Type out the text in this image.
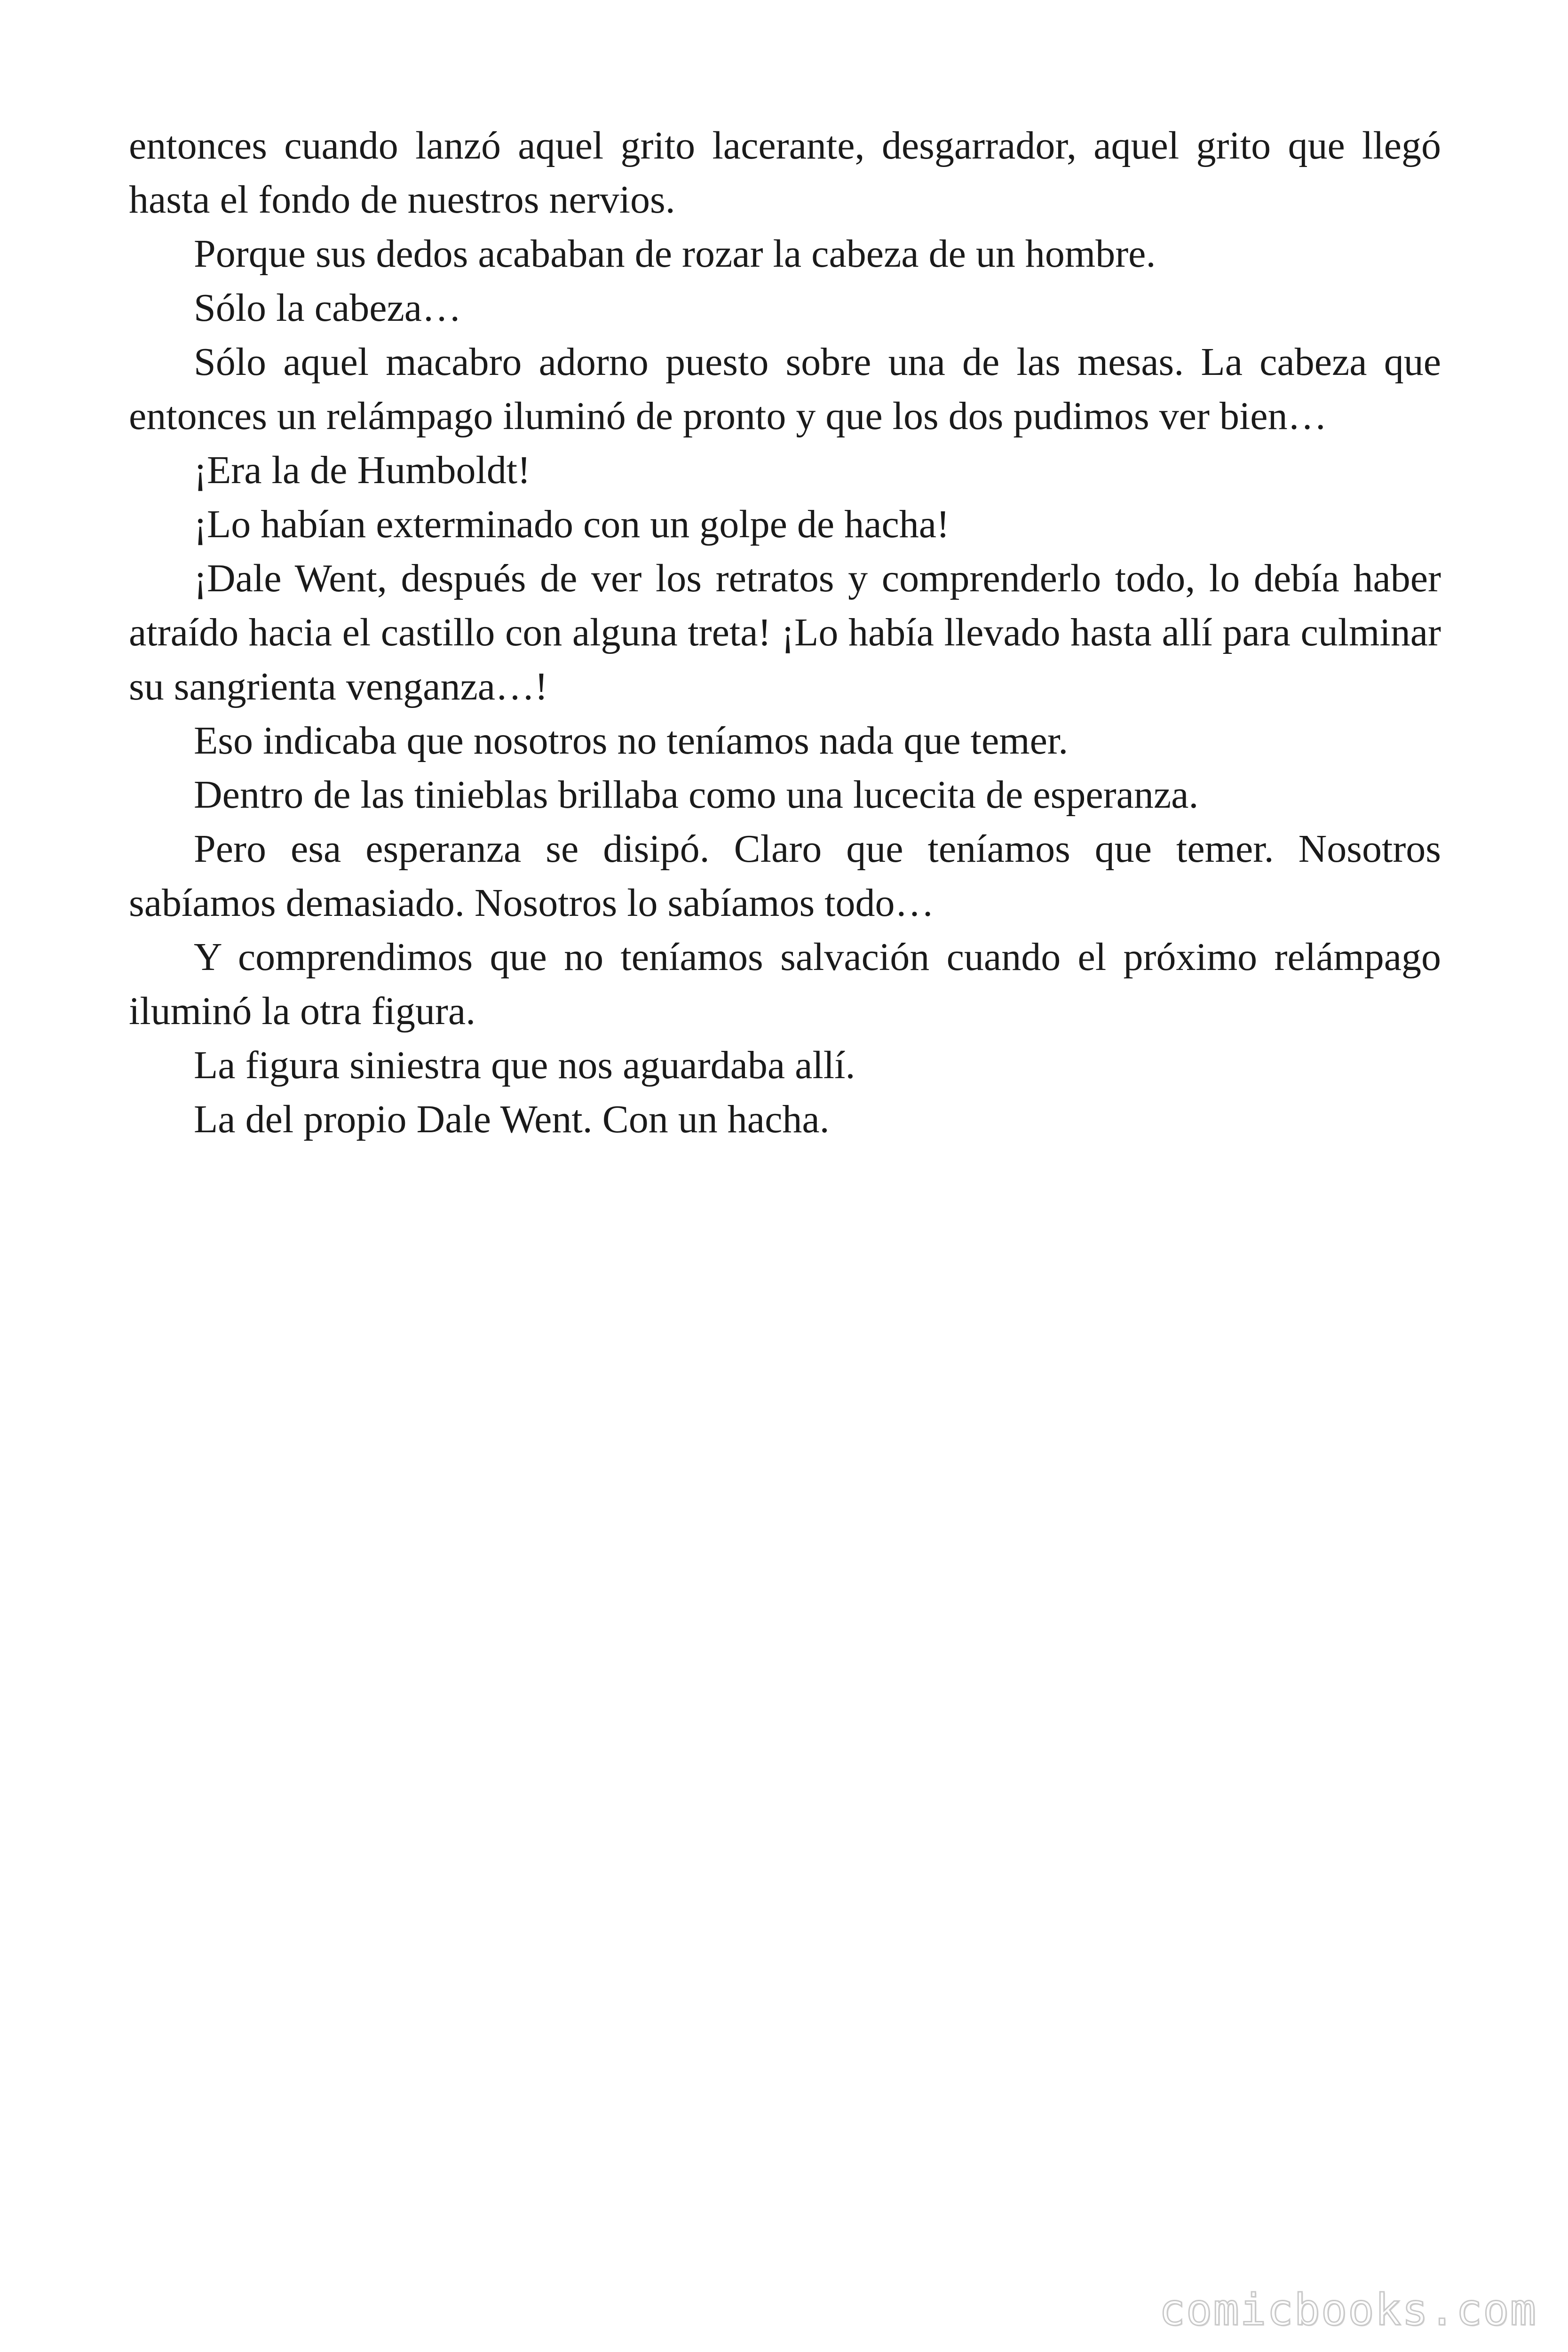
entonces cuando lanzó aquel grito lacerante, desgarrador, aquel grito que llegó hasta el fondo de nuestros nervios.

Porque sus dedos acababan de rozar la cabeza de un hombre.

Sólo la cabeza…

Sólo aquel macabro adorno puesto sobre una de las mesas. La cabeza que entonces un relámpago iluminó de pronto y que los dos pudimos ver bien…

¡Era la de Humboldt!

¡Lo habían exterminado con un golpe de hacha!

¡Dale Went, después de ver los retratos y comprenderlo todo, lo debía haber atraído hacia el castillo con alguna treta! ¡Lo había llevado hasta allí para culminar su sangrienta venganza…!

Eso indicaba que nosotros no teníamos nada que temer.

Dentro de las tinieblas brillaba como una lucecita de esperanza.

Pero esa esperanza se disipó. Claro que teníamos que temer. Nosotros sabíamos demasiado. Nosotros lo sabíamos todo…

Y comprendimos que no teníamos salvación cuando el próximo relámpago iluminó la otra figura.

La figura siniestra que nos aguardaba allí.

La del propio Dale Went. Con un hacha.

comicbooks.com
